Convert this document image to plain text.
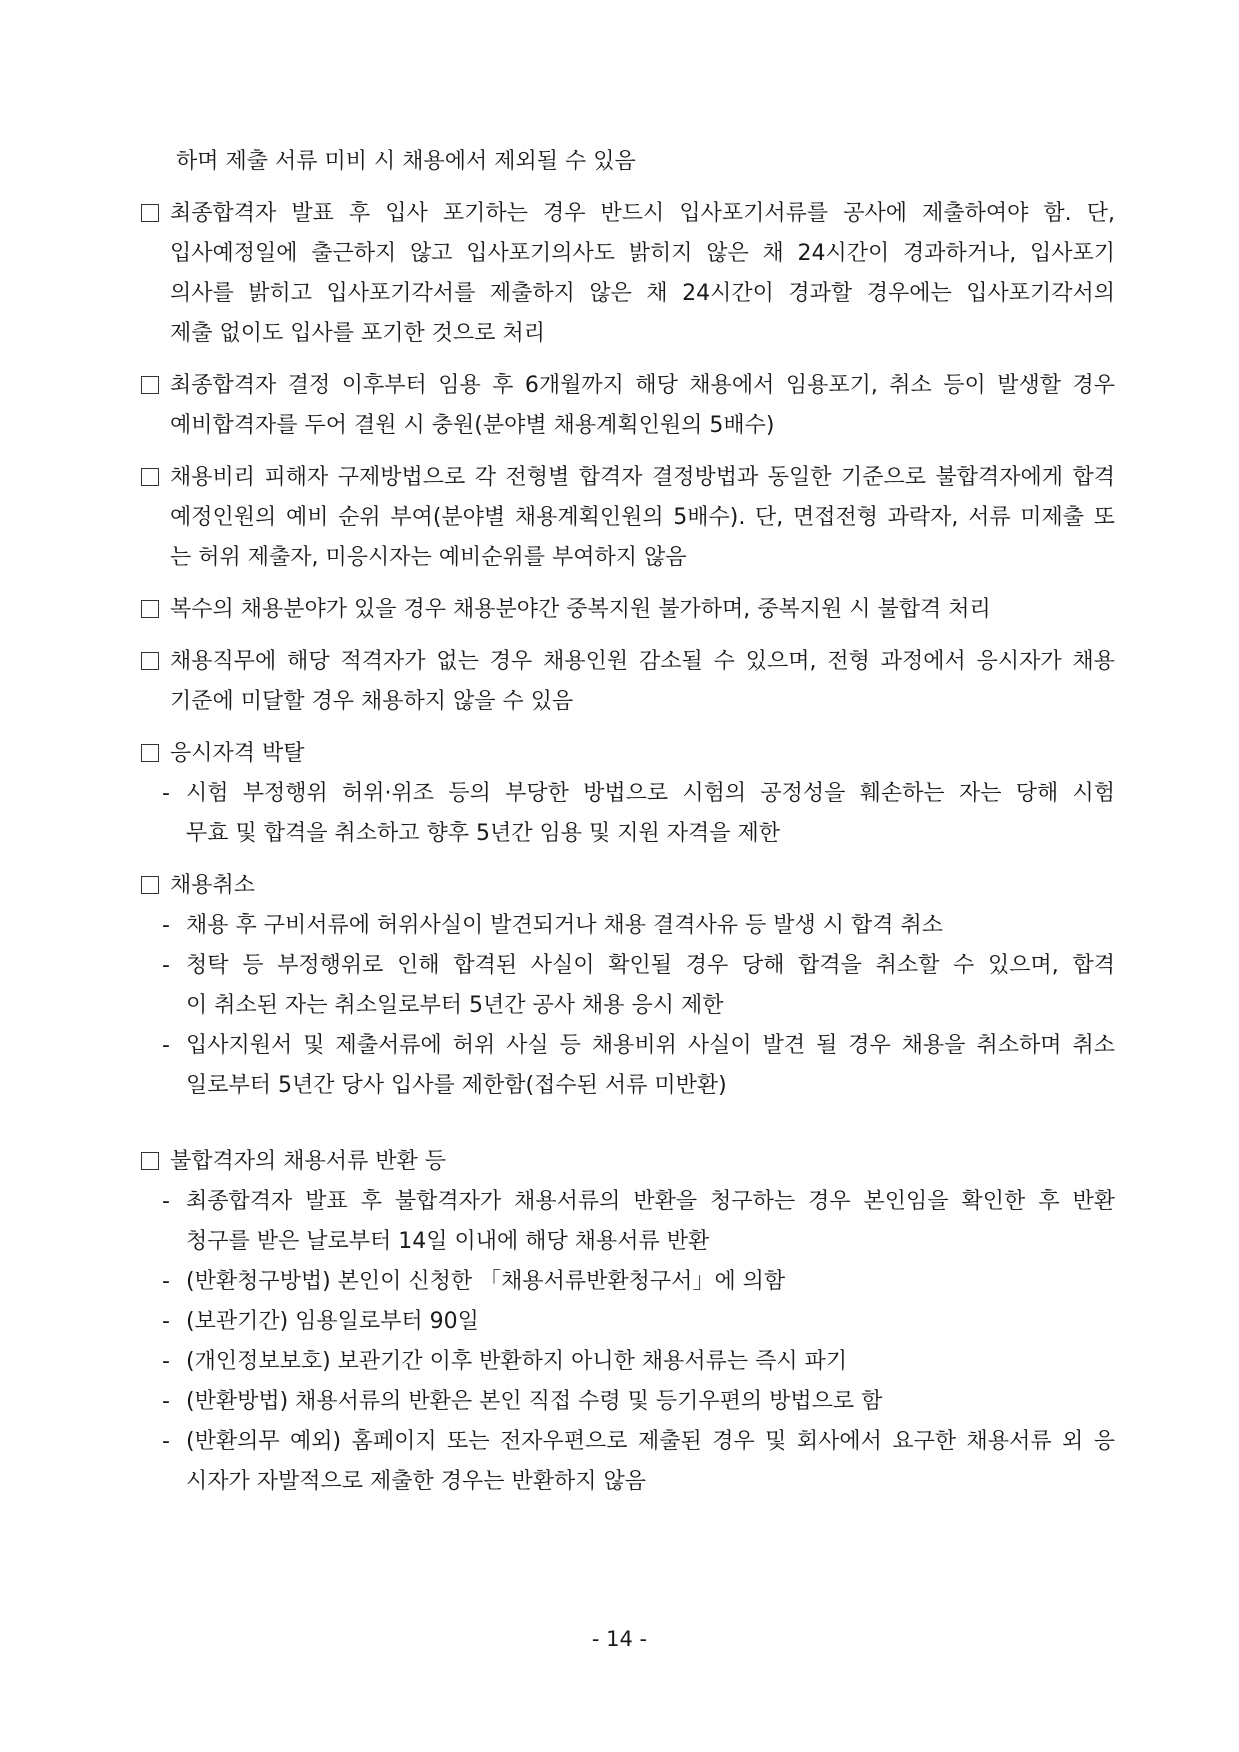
하며 제출 서류 미비 시 채용에서 제외될 수 있음
최종합격자 발표 후 입사 포기하는 경우 반드시 입사포기서류를 공사에 제출하여야 함. 단,
입사예정일에 출근하지 않고 입사포기의사도 밝히지 않은 채 24시간이 경과하거나, 입사포기
의사를 밝히고 입사포기각서를 제출하지 않은 채 24시간이 경과할 경우에는 입사포기각서의
제출 없이도 입사를 포기한 것으로 처리
최종합격자 결정 이후부터 임용 후 6개월까지 해당 채용에서 임용포기, 취소 등이 발생할 경우
예비합격자를 두어 결원 시 충원(분야별 채용계획인원의 5배수)
채용비리 피해자 구제방법으로 각 전형별 합격자 결정방법과 동일한 기준으로 불합격자에게 합격
예정인원의 예비 순위 부여(분야별 채용계획인원의 5배수). 단, 면접전형 과락자, 서류 미제출 또
는 허위 제출자, 미응시자는 예비순위를 부여하지 않음
복수의 채용분야가 있을 경우 채용분야간 중복지원 불가하며, 중복지원 시 불합격 처리
채용직무에 해당 적격자가 없는 경우 채용인원 감소될 수 있으며, 전형 과정에서 응시자가 채용
기준에 미달할 경우 채용하지 않을 수 있음
응시자격 박탈
- 시험 부정행위 허위·위조 등의 부당한 방법으로 시험의 공정성을 훼손하는 자는 당해 시험
무효 및 합격을 취소하고 향후 5년간 임용 및 지원 자격을 제한
채용취소
- 채용 후 구비서류에 허위사실이 발견되거나 채용 결격사유 등 발생 시 합격 취소
- 청탁 등 부정행위로 인해 합격된 사실이 확인될 경우 당해 합격을 취소할 수 있으며, 합격
이 취소된 자는 취소일로부터 5년간 공사 채용 응시 제한
- 입사지원서 및 제출서류에 허위 사실 등 채용비위 사실이 발견 될 경우 채용을 취소하며 취소
일로부터 5년간 당사 입사를 제한함(접수된 서류 미반환)
불합격자의 채용서류 반환 등
- 최종합격자 발표 후 불합격자가 채용서류의 반환을 청구하는 경우 본인임을 확인한 후 반환
청구를 받은 날로부터 14일 이내에 해당 채용서류 반환
- (반환청구방법) 본인이 신청한 「채용서류반환청구서」에 의함
- (보관기간) 임용일로부터 90일
- (개인정보보호) 보관기간 이후 반환하지 아니한 채용서류는 즉시 파기
- (반환방법) 채용서류의 반환은 본인 직접 수령 및 등기우편의 방법으로 함
- (반환의무 예외) 홈페이지 또는 전자우편으로 제출된 경우 및 회사에서 요구한 채용서류 외 응
시자가 자발적으로 제출한 경우는 반환하지 않음
- 14 -
